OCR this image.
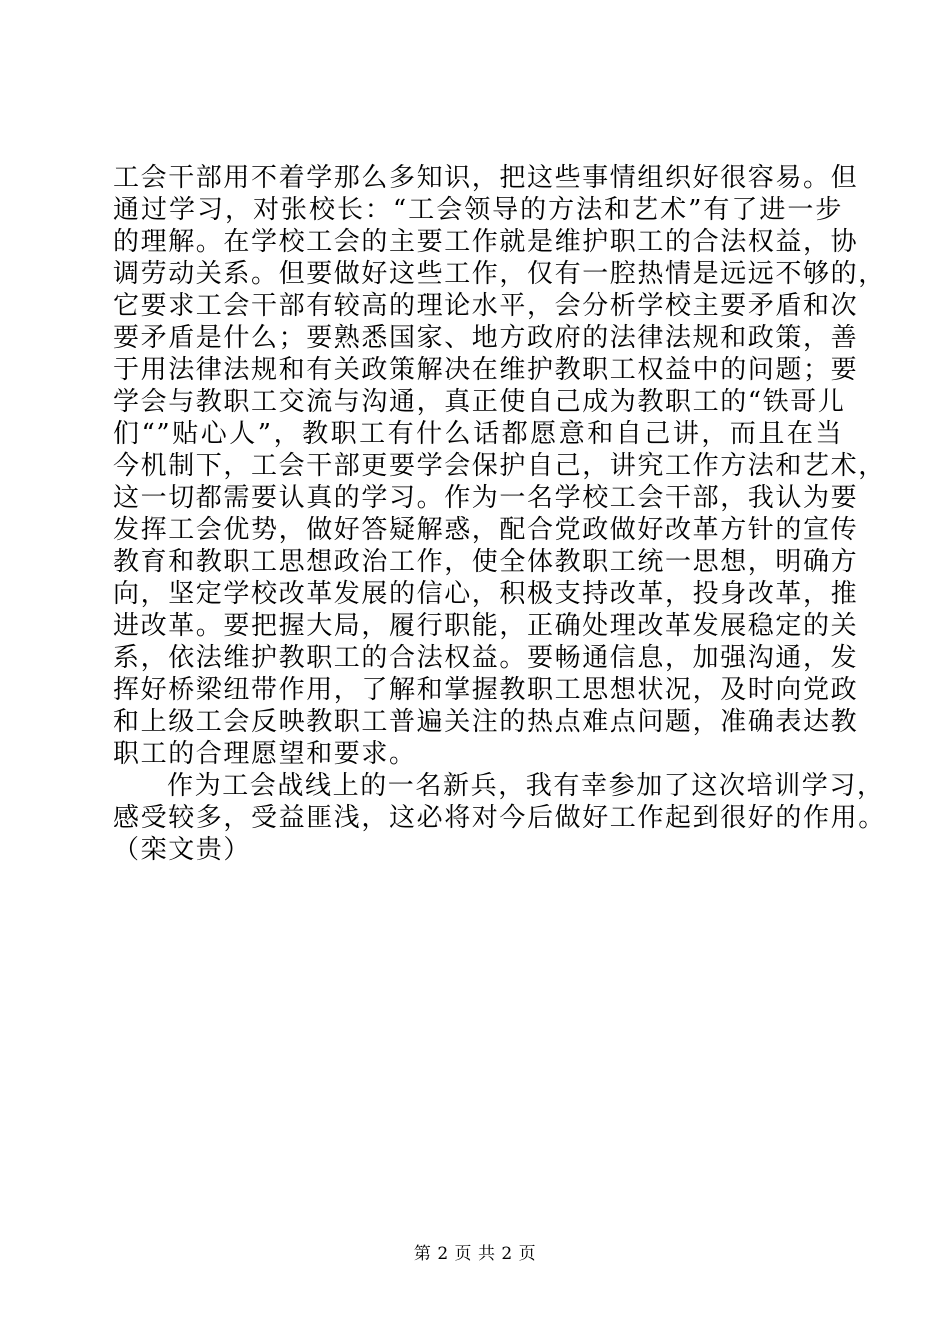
工会干部用不着学那么多知识，把这些事情组织好很容易。但
通过学习，对张校长：“工会领导的方法和艺术”有了进一步
的理解。在学校工会的主要工作就是维护职工的合法权益，协
调劳动关系。但要做好这些工作，仅有一腔热情是远远不够的，
它要求工会干部有较高的理论水平，会分析学校主要矛盾和次
要矛盾是什么；要熟悉国家、地方政府的法律法规和政策，善
于用法律法规和有关政策解决在维护教职工权益中的问题；要
学会与教职工交流与沟通，真正使自己成为教职工的“铁哥儿
们“”贴心人”，教职工有什么话都愿意和自己讲，而且在当
今机制下，工会干部更要学会保护自己，讲究工作方法和艺术，
这一切都需要认真的学习。作为一名学校工会干部，我认为要
发挥工会优势，做好答疑解惑，配合党政做好改革方针的宣传
教育和教职工思想政治工作，使全体教职工统一思想，明确方
向，坚定学校改革发展的信心，积极支持改革，投身改革，推
进改革。要把握大局，履行职能，正确处理改革发展稳定的关
系，依法维护教职工的合法权益。要畅通信息，加强沟通，发
挥好桥梁纽带作用，了解和掌握教职工思想状况，及时向党政
和上级工会反映教职工普遍关注的热点难点问题，准确表达教
职工的合理愿望和要求。
作为工会战线上的一名新兵，我有幸参加了这次培训学习，
感受较多，受益匪浅，这必将对今后做好工作起到很好的作用。
（栾文贵）
第 2 页 共 2 页
